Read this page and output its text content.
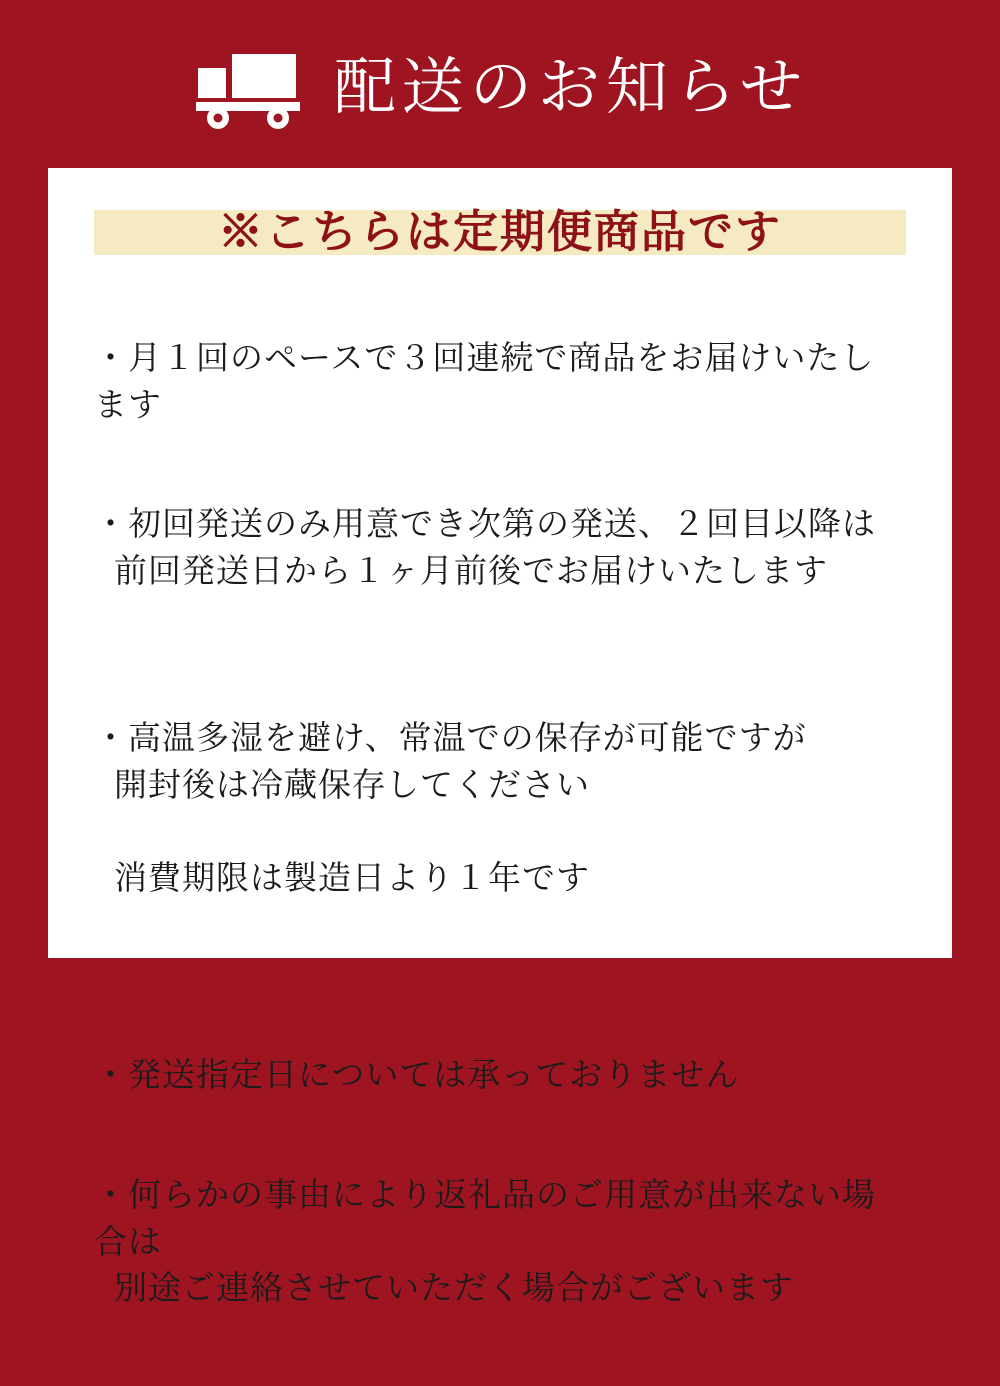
配送のお知らせ
※こちらは定期便商品です

・月１回のペースで３回連続で商品をお届けいたします

・初回発送のみ用意でき次第の発送、２回目以降は

前回発送日から１ヶ月前後でお届けいたします

・高温多湿を避け、常温での保存が可能ですが

開封後は冷蔵保存してください

消費期限は製造日より１年です

・発送指定日については承っておりません

・何らかの事由により返礼品のご用意が出来ない場合は

別途ご連絡させていただく場合がございます
